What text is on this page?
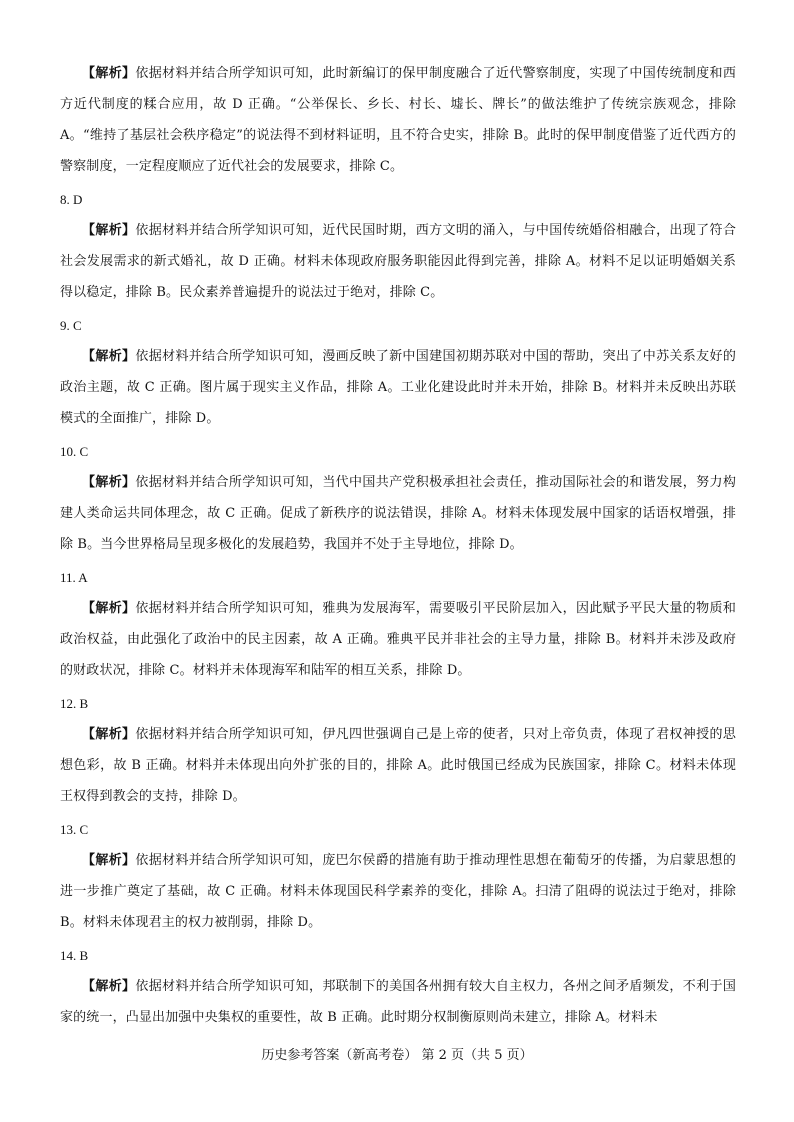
【解析】依据材料并结合所学知识可知，此时新编订的保甲制度融合了近代警察制度，实现了中国传统制度和西方近代制度的糅合应用，故 D 正确。“公举保长、乡长、村长、墟长、牌长”的做法维护了传统宗族观念，排除 A。“维持了基层社会秩序稳定”的说法得不到材料证明，且不符合史实，排除 B。此时的保甲制度借鉴了近代西方的警察制度，一定程度顺应了近代社会的发展要求，排除 C。

8. D

【解析】依据材料并结合所学知识可知，近代民国时期，西方文明的涌入，与中国传统婚俗相融合，出现了符合社会发展需求的新式婚礼，故 D 正确。材料未体现政府服务职能因此得到完善，排除 A。材料不足以证明婚姻关系得以稳定，排除 B。民众素养普遍提升的说法过于绝对，排除 C。

9. C

【解析】依据材料并结合所学知识可知，漫画反映了新中国建国初期苏联对中国的帮助，突出了中苏关系友好的政治主题，故 C 正确。图片属于现实主义作品，排除 A。工业化建设此时并未开始，排除 B。材料并未反映出苏联模式的全面推广，排除 D。

10. C

【解析】依据材料并结合所学知识可知，当代中国共产党积极承担社会责任，推动国际社会的和谐发展，努力构建人类命运共同体理念，故 C 正确。促成了新秩序的说法错误，排除 A。材料未体现发展中国家的话语权增强，排除 B。当今世界格局呈现多极化的发展趋势，我国并不处于主导地位，排除 D。

11. A

【解析】依据材料并结合所学知识可知，雅典为发展海军，需要吸引平民阶层加入，因此赋予平民大量的物质和政治权益，由此强化了政治中的民主因素，故 A 正确。雅典平民并非社会的主导力量，排除 B。材料并未涉及政府的财政状况，排除 C。材料并未体现海军和陆军的相互关系，排除 D。

12. B

【解析】依据材料并结合所学知识可知，伊凡四世强调自己是上帝的使者，只对上帝负责，体现了君权神授的思想色彩，故 B 正确。材料并未体现出向外扩张的目的，排除 A。此时俄国已经成为民族国家，排除 C。材料未体现王权得到教会的支持，排除 D。

13. C

【解析】依据材料并结合所学知识可知，庞巴尔侯爵的措施有助于推动理性思想在葡萄牙的传播，为启蒙思想的进一步推广奠定了基础，故 C 正确。材料未体现国民科学素养的变化，排除 A。扫清了阻碍的说法过于绝对，排除 B。材料未体现君主的权力被削弱，排除 D。

14. B

【解析】依据材料并结合所学知识可知，邦联制下的美国各州拥有较大自主权力，各州之间矛盾频发，不利于国家的统一，凸显出加强中央集权的重要性，故 B 正确。此时期分权制衡原则尚未建立，排除 A。材料未

历史参考答案（新高考卷） 第 2 页（共 5 页）
